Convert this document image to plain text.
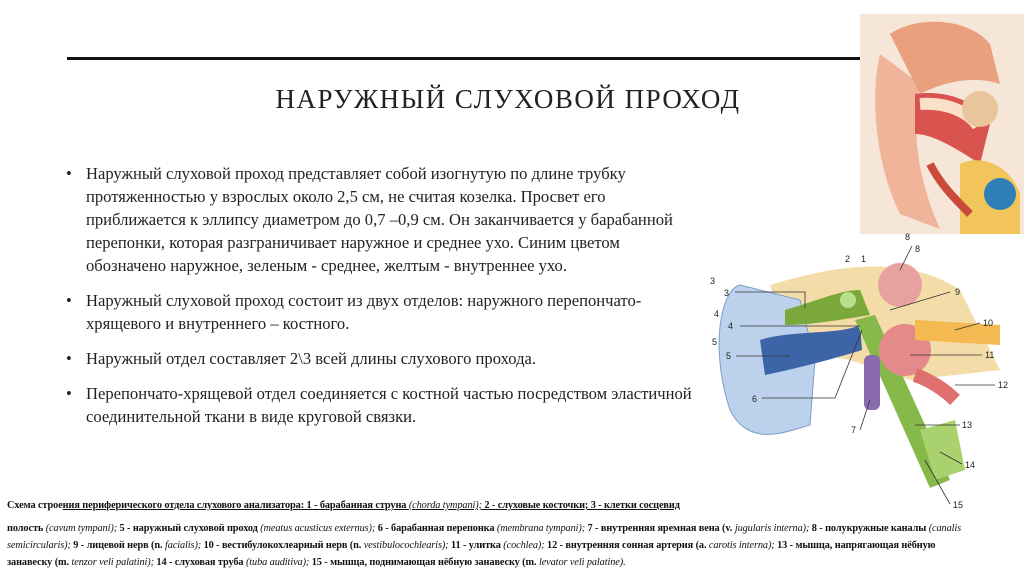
НАРУЖНЫЙ СЛУХОВОЙ ПРОХОД
• Наружный слуховой проход представляет собой изогнутую по длине трубку протяженностью у взрослых около 2,5 см, не считая козелка. Просвет его приближается к эллипсу диаметром до 0,7 –0,9 см. Он заканчивается у барабанной перепонки, которая разграничивает наружное и среднее ухо. Синим цветом обозначено наружное, зеленым - среднее, желтым - внутреннее ухо.
• Наружный слуховой проход состоит из двух отделов: наружного перепончато-хрящевого и внутреннего – костного.
• Наружный отдел составляет 2\3 всей длины слухового прохода.
• Перепончато-хрящевой отдел соединяется с костной частью посредством эластичной соединительной ткани в виде круговой связки.
2 1
3
3
4
4
5
5
6
7
8
8
9
10
11
12
13
14
15
Схема строения периферического отдела слухового анализатора: 1 - барабанная струна (chorda tympani); 2 - слуховые косточки; 3 - клетки сосцевид
полость (cavum tympani); 5 - наружный слуховой проход (meatus acusticus externus); 6 - барабанная перепонка (membrana tympani); 7 - внутренняя яремная вена (v. jugularis interna); 8 - полукружные каналы (canalis
semicircularis); 9 - лицевой нерв (n. facialis); 10 - вестибулокохлеарный нерв (n. vestibulocochlearis); 11 - улитка (cochlea); 12 - внутренняя сонная артерия (a. carotis interna); 13 - мышца, напрягающая нёбную
занавеску (m. tenzor veli palatini); 14 - слуховая труба (tuba auditiva); 15 - мышца, поднимающая нёбную занавеску (m. levator veli palatine).
